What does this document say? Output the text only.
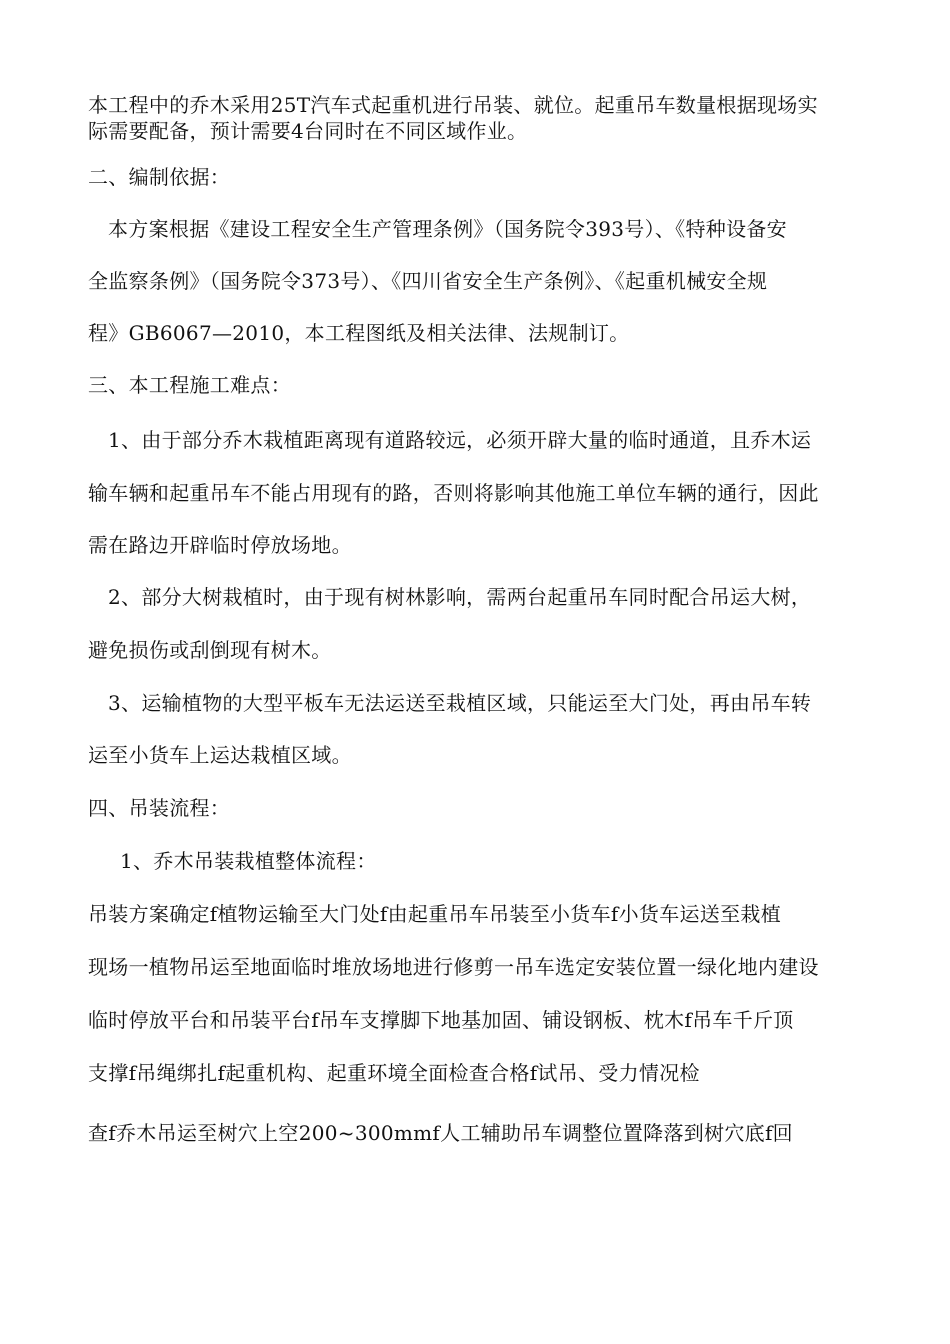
本工程中的乔木采用25T汽车式起重机进行吊装、就位。起重吊车数量根据现场实
际需要配备，预计需要4台同时在不同区域作业。
二、编制依据：
本方案根据《建设工程安全生产管理条例》（国务院令393号）、《特种设备安
全监察条例》（国务院令373号）、《四川省安全生产条例》、《起重机械安全规
程》GB6067—2010，本工程图纸及相关法律、法规制订。
三、本工程施工难点：
1、由于部分乔木栽植距离现有道路较远，必须开辟大量的临时通道，且乔木运
输车辆和起重吊车不能占用现有的路，否则将影响其他施工单位车辆的通行，因此
需在路边开辟临时停放场地。
2、部分大树栽植时，由于现有树林影响，需两台起重吊车同时配合吊运大树，
避免损伤或刮倒现有树木。
3、运输植物的大型平板车无法运送至栽植区域，只能运至大门处，再由吊车转
运至小货车上运达栽植区域。
四、吊装流程：
1、乔木吊装栽植整体流程：
吊装方案确定f植物运输至大门处f由起重吊车吊装至小货车f小货车运送至栽植
现场一植物吊运至地面临时堆放场地进行修剪一吊车选定安装位置一绿化地内建设
临时停放平台和吊装平台f吊车支撑脚下地基加固、铺设钢板、枕木f吊车千斤顶
支撑f吊绳绑扎f起重机构、起重环境全面检查合格f试吊、受力情况检
查f乔木吊运至树穴上空200~300mmf人工辅助吊车调整位置降落到树穴底f回
